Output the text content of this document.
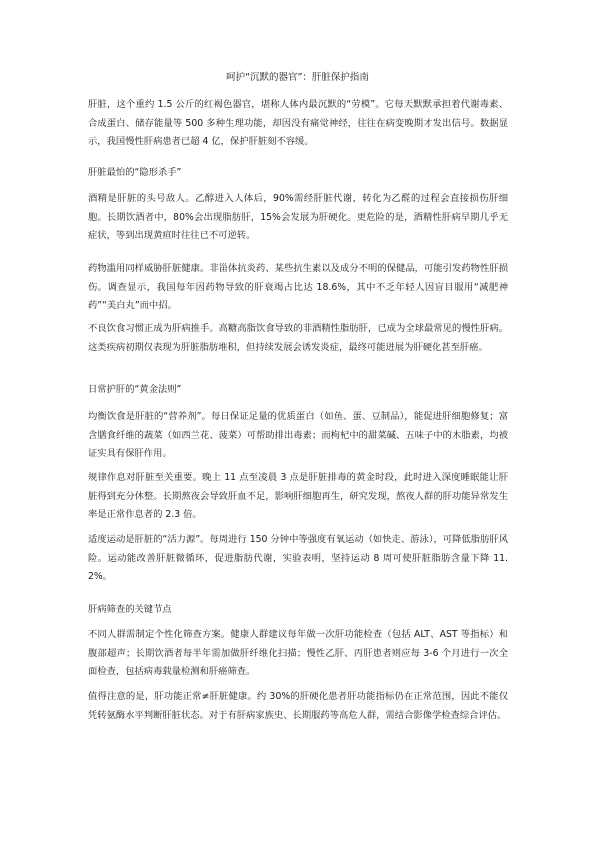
呵护“沉默的器官”：肝脏保护指南

肝脏，这个重约 1.5 公斤的红褐色器官，堪称人体内最沉默的“劳模”。它每天默默承担着代谢毒素、合成蛋白、储存能量等 500 多种生理功能，却因没有痛觉神经，往往在病变晚期才发出信号。数据显示，我国慢性肝病患者已超 4 亿，保护肝脏刻不容缓。

肝脏最怕的“隐形杀手”

酒精是肝脏的头号敌人。乙醇进入人体后，90%需经肝脏代谢，转化为乙醛的过程会直接损伤肝细胞。长期饮酒者中，80%会出现脂肪肝，15%会发展为肝硬化。更危险的是，酒精性肝病早期几乎无症状，等到出现黄疸时往往已不可逆转。

药物滥用同样威胁肝脏健康。非甾体抗炎药、某些抗生素以及成分不明的保健品，可能引发药物性肝损伤。调查显示，我国每年因药物导致的肝衰竭占比达 18.6%，其中不乏年轻人因盲目服用“减肥神药”“美白丸”而中招。

不良饮食习惯正成为肝病推手。高糖高脂饮食导致的非酒精性脂肪肝，已成为全球最常见的慢性肝病。这类疾病初期仅表现为肝脏脂肪堆积，但持续发展会诱发炎症，最终可能进展为肝硬化甚至肝癌。

日常护肝的“黄金法则”

均衡饮食是肝脏的“营养剂”。每日保证足量的优质蛋白（如鱼、蛋、豆制品），能促进肝细胞修复；富含膳食纤维的蔬菜（如西兰花、菠菜）可帮助排出毒素；而枸杞中的甜菜碱、五味子中的木脂素，均被证实具有保肝作用。

规律作息对肝脏至关重要。晚上 11 点至凌晨 3 点是肝脏排毒的黄金时段，此时进入深度睡眠能让肝脏得到充分休整。长期熬夜会导致肝血不足，影响肝细胞再生，研究发现，熬夜人群的肝功能异常发生率是正常作息者的 2.3 倍。

适度运动是肝脏的“活力源”。每周进行 150 分钟中等强度有氧运动（如快走、游泳），可降低脂肪肝风险。运动能改善肝脏微循环，促进脂肪代谢，实验表明，坚持运动 8 周可使肝脏脂肪含量下降 11.2%。

肝病筛查的关键节点

不同人群需制定个性化筛查方案。健康人群建议每年做一次肝功能检查（包括 ALT、AST 等指标）和腹部超声；长期饮酒者每半年需加做肝纤维化扫描；慢性乙肝、丙肝患者则应每 3-6 个月进行一次全面检查，包括病毒载量检测和肝癌筛查。

值得注意的是，肝功能正常≠肝脏健康。约 30%的肝硬化患者肝功能指标仍在正常范围，因此不能仅凭转氨酶水平判断肝脏状态。对于有肝病家族史、长期服药等高危人群，需结合影像学检查综合评估。
